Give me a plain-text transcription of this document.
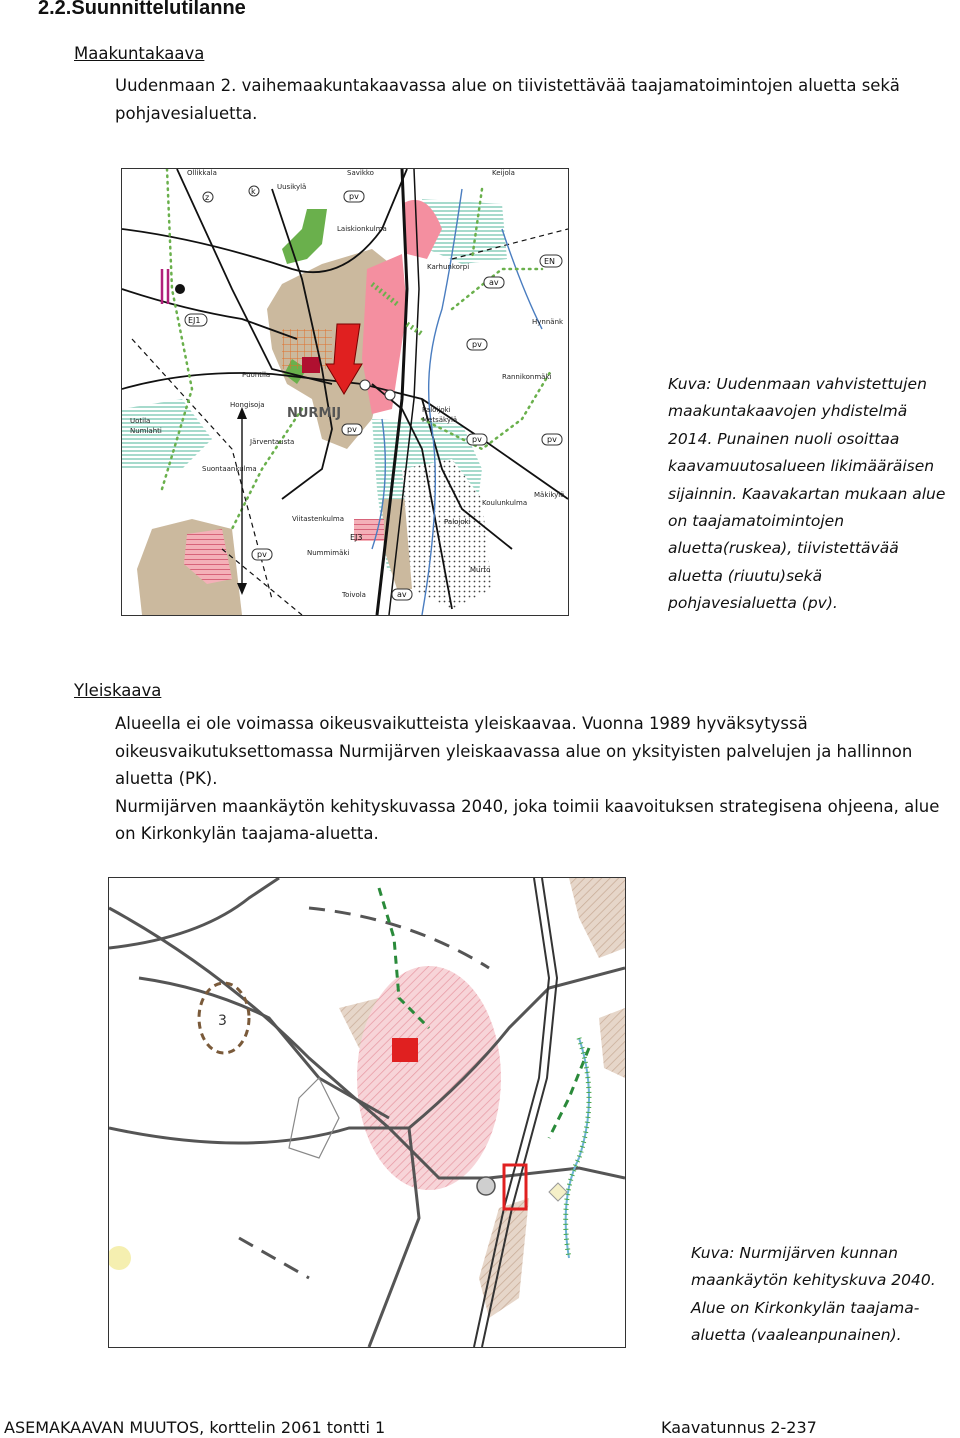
2.2.Suunnittelutilanne
Maakuntakaava
Uudenmaan 2. vaihemaakuntakaavassa alue on tiivistettävää taajamatoimintojen aluetta sekä pohjavesialuetta.
NURMIJ
EJ1
EN
EJ3
pv
pv
pv
pv
pv
pv
av
av
z
k
Ollikkala
Uusikylä
Savikko
Laiskionkulma
Karhunkorpi
Hynnänk
Rannikonmäki
Puontila
Hongisoja
Uotila
Numlahti
Järventausta
Suontaankulma
Paloijoki
Metsäkylä
Mäkikylä
Koulunkulma
Viitastenkulma
Nummimäki
Palojoki
Toivola
Murto
Keijola
Kuva: Uudenmaan vahvistettujen
maakuntakaavojen yhdistelmä
2014. Punainen nuoli osoittaa
kaavamuutosalueen likimääräisen
sijainnin. Kaavakartan mukaan alue
on taajamatoimintojen
aluetta(ruskea), tiivistettävää
aluetta (riuutu)sekä
pohjavesialuetta (pv).
Yleiskaava

Alueella ei ole voimassa oikeusvaikutteista yleiskaavaa. Vuonna 1989 hyväksytyssä oikeusvaikutuksettomassa Nurmijärven yleiskaavassa alue on yksityisten palvelujen ja hallinnon aluetta (PK).

Nurmijärven maankäytön kehityskuvassa 2040, joka toimii kaavoituksen strategisena ohjeena, alue on Kirkonkylän taajama-aluetta.

3
Kuva: Nurmijärven kunnan
maankäytön kehityskuva 2040.
Alue on Kirkonkylän taajama-
aluetta (vaaleanpunainen).
ASEMAKAAVAN MUUTOS, korttelin 2061 tontti 1	Kaavatunnus 2-237
